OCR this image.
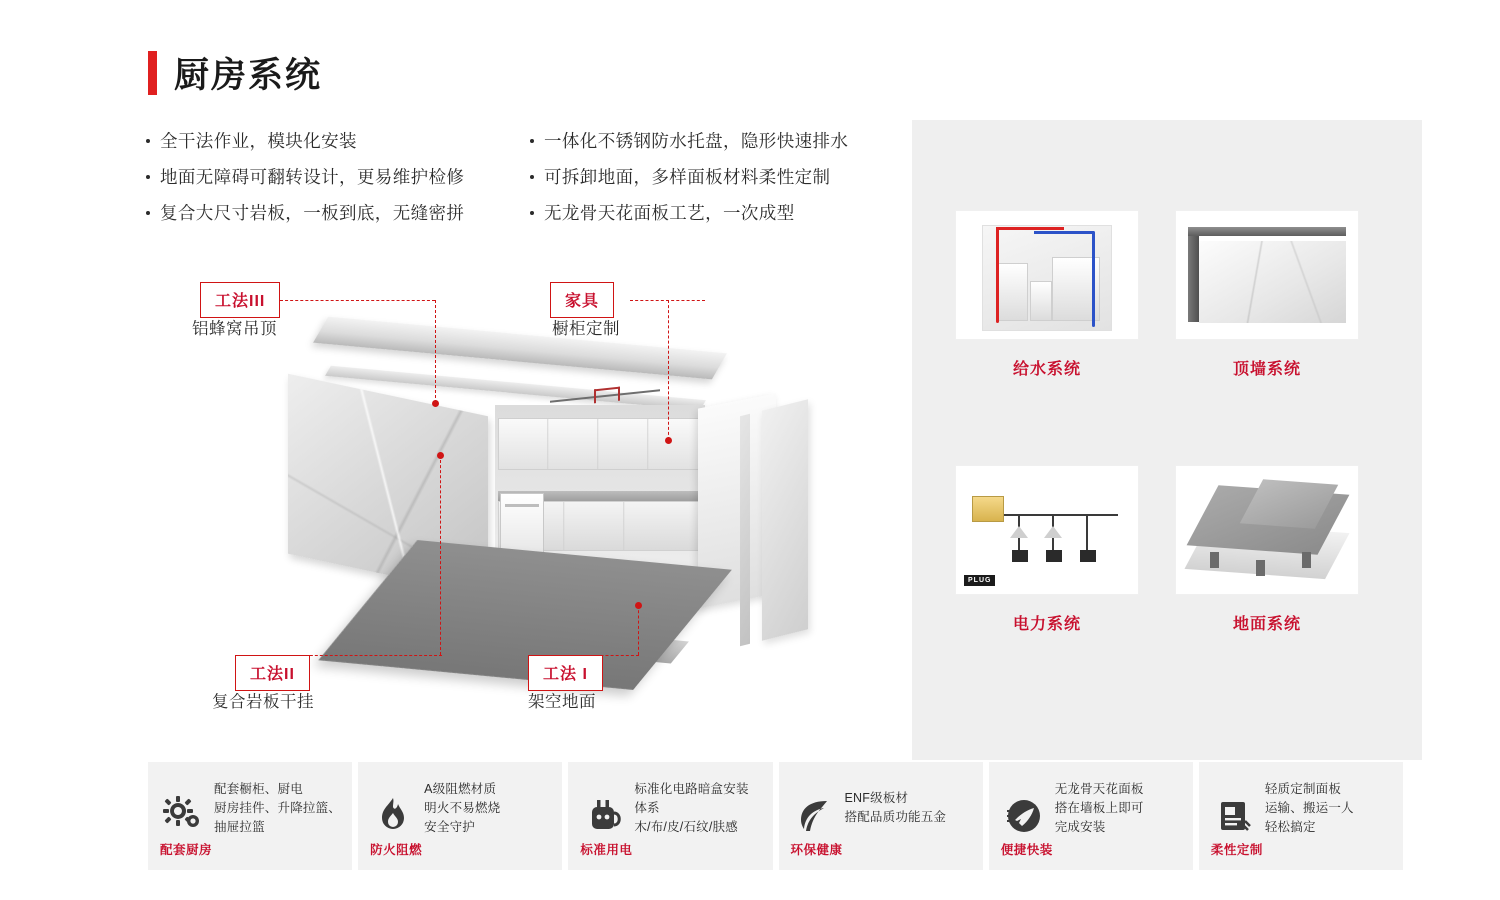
厨房系统
全干法作业，模块化安装
地面无障碍可翻转设计，更易维护检修
复合大尺寸岩板，一板到底，无缝密拼
一体化不锈钢防水托盘，隐形快速排水
可拆卸地面，多样面板材料柔性定制
无龙骨天花面板工艺，一次成型
工法III
铝蜂窝吊顶
家具
橱柜定制
工法II
复合岩板干挂
工法 I
架空地面
给水系统	顶墙系统
PLUG
电力系统	地面系统
配套橱柜、厨电
厨房挂件、升降拉篮、
抽屉拉篮
配套厨房
A级阻燃材质
明火不易燃烧
安全守护
防火阻燃
标准化电路暗盒安装
体系
木/布/皮/石纹/肤感
标准用电
ENF级板材
搭配品质功能五金
环保健康
无龙骨天花面板
搭在墙板上即可
完成安装
便捷快装
轻质定制面板
运输、搬运一人
轻松搞定
柔性定制
